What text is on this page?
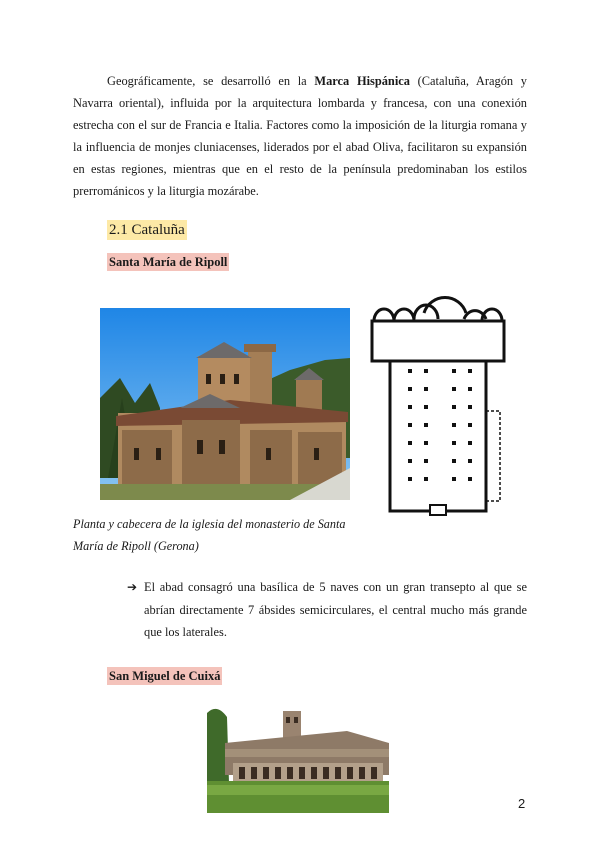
Geográficamente, se desarrolló en la Marca Hispánica (Cataluña, Aragón y Navarra oriental), influida por la arquitectura lombarda y francesa, con una conexión estrecha con el sur de Francia e Italia. Factores como la imposición de la liturgia romana y la influencia de monjes cluniacenses, liderados por el abad Oliva, facilitaron su expansión en estas regiones, mientras que en el resto de la península predominaban los estilos prerrománicos y la liturgia mozárabe.

2.1 Cataluña
Santa María de Ripoll

Planta y cabecera de la iglesia del monasterio de Santa María de Ripoll (Gerona)

➔ El abad consagró una basílica de 5 naves con un gran transepto al que se abrían directamente 7 ábsides semicirculares, el central mucho más grande que los laterales.

San Miguel de Cuixá
2
